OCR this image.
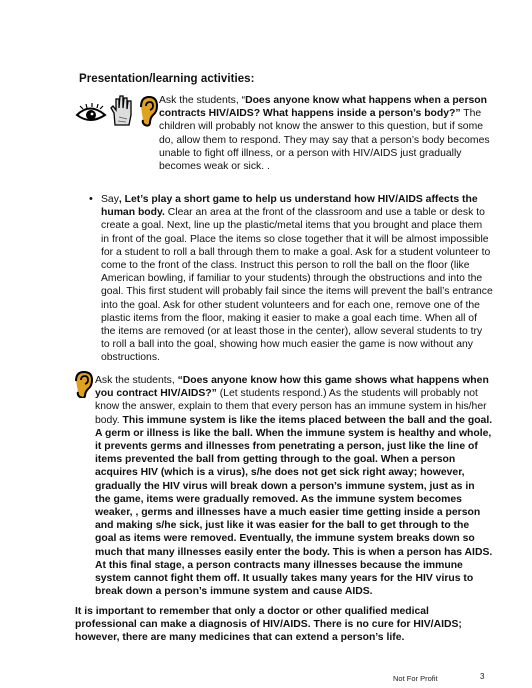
Presentation/learning activities:
Ask the students, “Does anyone know what happens when a person contracts HIV/AIDS? What happens inside a person’s body?” The children will probably not know the answer to this question, but if some do, allow them to respond. They may say that a person’s body becomes unable to fight off illness, or a person with HIV/AIDS just gradually becomes weak or sick. .
• Say, Let’s play a short game to help us understand how HIV/AIDS affects the human body. Clear an area at the front of the classroom and use a table or desk to create a goal. Next, line up the plastic/metal items that you brought and place them in front of the goal. Place the items so close together that it will be almost impossible for a student to roll a ball through them to make a goal. Ask for a student volunteer to come to the front of the class. Instruct this person to roll the ball on the floor (like American bowling, if familiar to your students) through the obstructions and into the goal. This first student will probably fail since the items will prevent the ball’s entrance into the goal. Ask for other student volunteers and for each one, remove one of the plastic items from the floor, making it easier to make a goal each time. When all of the items are removed (or at least those in the center), allow several students to try to roll a ball into the goal, showing how much easier the game is now without any obstructions.
Ask the students, “Does anyone know how this game shows what happens when you contract HIV/AIDS?” (Let students respond.) As the students will probably not know the answer, explain to them that every person has an immune system in his/her body. This immune system is like the items placed between the ball and the goal. A germ or illness is like the ball. When the immune system is healthy and whole, it prevents germs and illnesses from penetrating a person, just like the line of items prevented the ball from getting through to the goal. When a person acquires HIV (which is a virus), s/he does not get sick right away; however, gradually the HIV virus will break down a person’s immune system, just as in the game, items were gradually removed. As the immune system becomes weaker, , germs and illnesses have a much easier time getting inside a person and making s/he sick, just like it was easier for the ball to get through to the goal as items were removed. Eventually, the immune system breaks down so much that many illnesses easily enter the body. This is when a person has AIDS. At this final stage, a person contracts many illnesses because the immune system cannot fight them off. It usually takes many years for the HIV virus to break down a person’s immune system and cause AIDS.
It is important to remember that only a doctor or other qualified medical professional can make a diagnosis of HIV/AIDS. There is no cure for HIV/AIDS; however, there are many medicines that can extend a person’s life.
Not For Profit	3
